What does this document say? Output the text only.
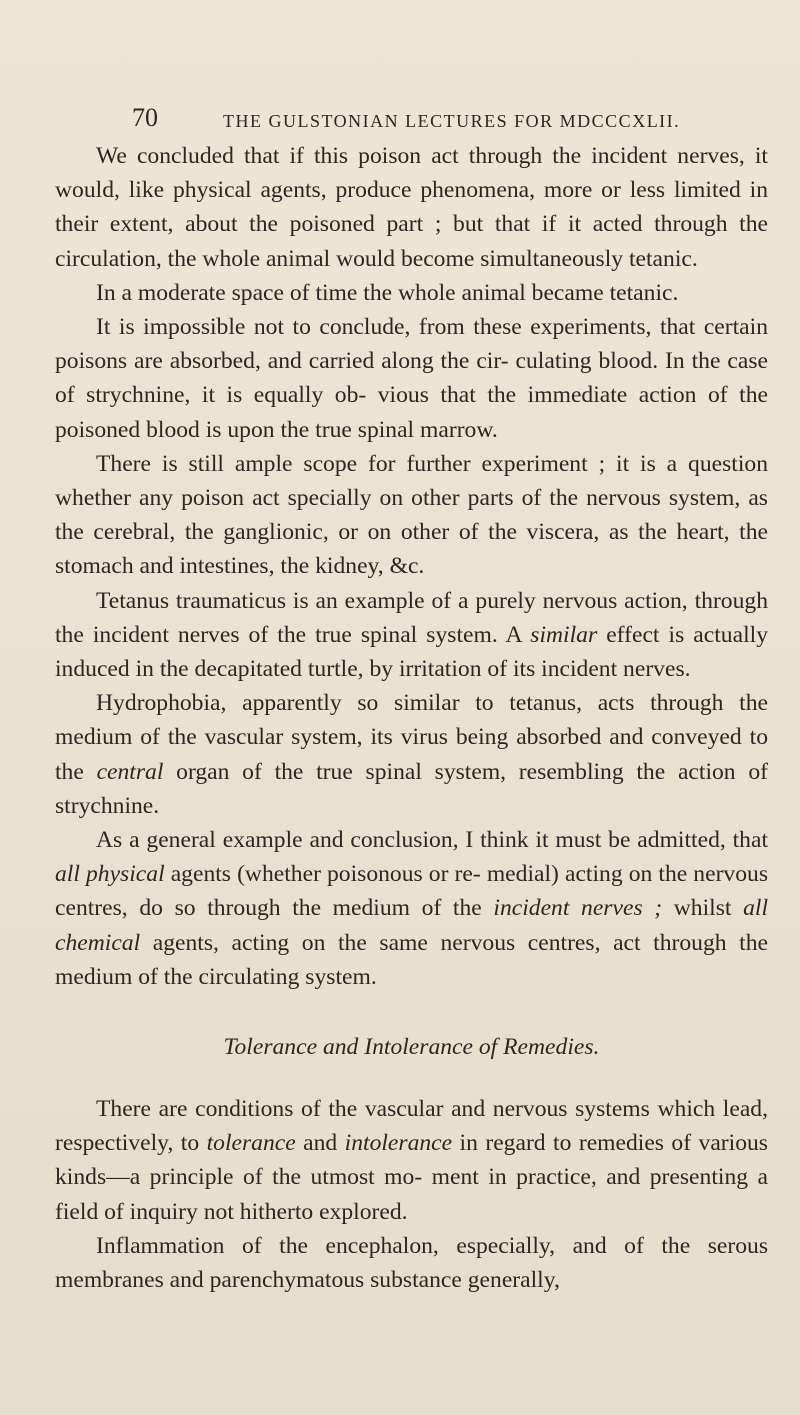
70	THE GULSTONIAN LECTURES FOR MDCCCXLII.

We concluded that if this poison act through the incident nerves, it would, like physical agents, produce phenomena, more or less limited in their extent, about the poisoned part ; but that if it acted through the circulation, the whole animal would become simultaneously tetanic.

In a moderate space of time the whole animal became tetanic.

It is impossible not to conclude, from these experiments, that certain poisons are absorbed, and carried along the cir- culating blood. In the case of strychnine, it is equally ob- vious that the immediate action of the poisoned blood is upon the true spinal marrow.

There is still ample scope for further experiment ; it is a question whether any poison act specially on other parts of the nervous system, as the cerebral, the ganglionic, or on other of the viscera, as the heart, the stomach and intestines, the kidney, &c.

Tetanus traumaticus is an example of a purely nervous action, through the incident nerves of the true spinal system. A similar effect is actually induced in the decapitated turtle, by irritation of its incident nerves.

Hydrophobia, apparently so similar to tetanus, acts through the medium of the vascular system, its virus being absorbed and conveyed to the central organ of the true spinal system, resembling the action of strychnine.

As a general example and conclusion, I think it must be admitted, that all physical agents (whether poisonous or re- medial) acting on the nervous centres, do so through the medium of the incident nerves ; whilst all chemical agents, acting on the same nervous centres, act through the medium of the circulating system.

Tolerance and Intolerance of Remedies.

There are conditions of the vascular and nervous systems which lead, respectively, to tolerance and intolerance in regard to remedies of various kinds—a principle of the utmost mo- ment in practice, and presenting a field of inquiry not hitherto explored.

Inflammation of the encephalon, especially, and of the serous membranes and parenchymatous substance generally,
